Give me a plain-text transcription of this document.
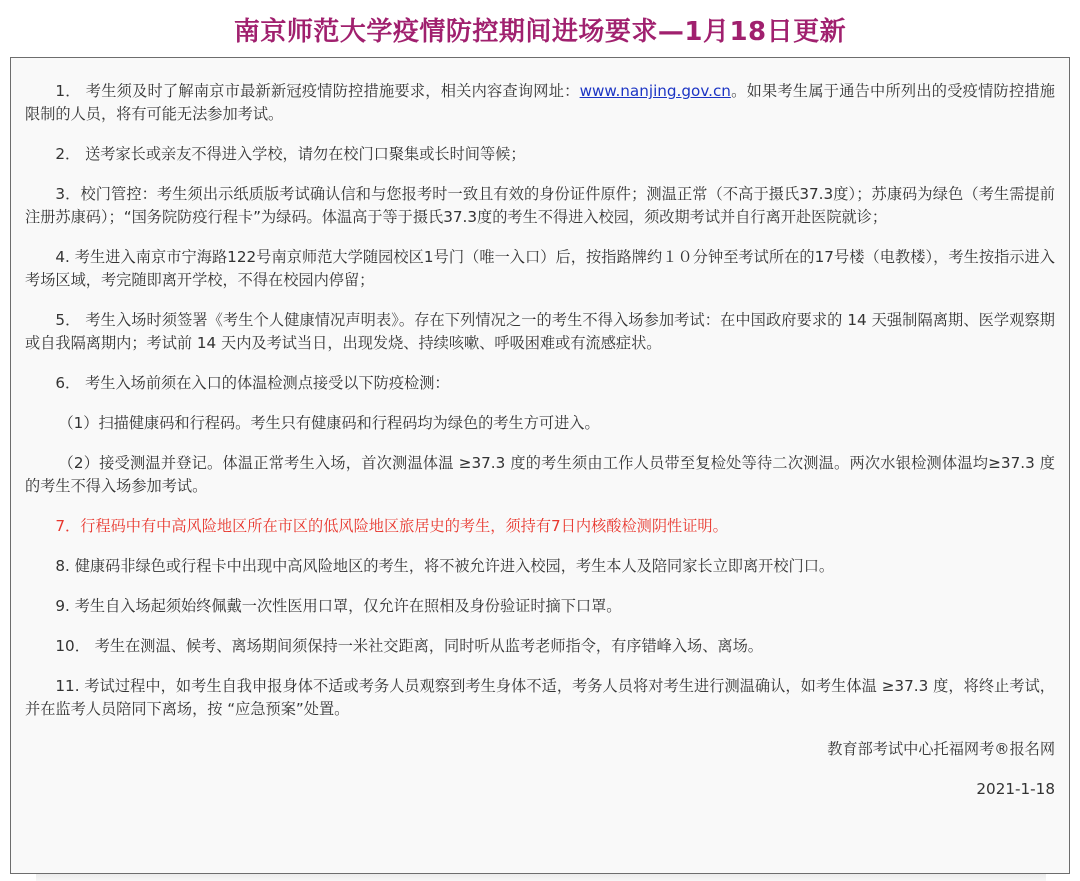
南京师范大学疫情防控期间进场要求—1月18日更新

1． 考生须及时了解南京市最新新冠疫情防控措施要求，相关内容查询网址：www.nanjing.gov.cn。如果考生属于通告中所列出的受疫情防控措施限制的人员，将有可能无法参加考试。

2． 送考家长或亲友不得进入学校，请勿在校门口聚集或长时间等候；

3．校门管控：考生须出示纸质版考试确认信和与您报考时一致且有效的身份证件原件；测温正常（不高于摄氏37.3度）；苏康码为绿色（考生需提前注册苏康码）；“国务院防疫行程卡”为绿码。体温高于等于摄氏37.3度的考生不得进入校园，须改期考试并自行离开赴医院就诊；

4. 考生进入南京市宁海路122号南京师范大学随园校区1号门（唯一入口）后，按指路牌约１０分钟至考试所在的17号楼（电教楼），考生按指示进入考场区域，考完随即离开学校，不得在校园内停留；

5． 考生入场时须签署《考生个人健康情况声明表》。存在下列情况之一的考生不得入场参加考试：在中国政府要求的 14 天强制隔离期、医学观察期或自我隔离期内；考试前 14 天内及考试当日，出现发烧、持续咳嗽、呼吸困难或有流感症状。

6． 考生入场前须在入口的体温检测点接受以下防疫检测：

（1）扫描健康码和行程码。考生只有健康码和行程码均为绿色的考生方可进入。

（2）接受测温并登记。体温正常考生入场，首次测温体温 ≥37.3 度的考生须由工作人员带至复检处等待二次测温。两次水银检测体温均≥37.3 度的考生不得入场参加考试。

7．行程码中有中高风险地区所在市区的低风险地区旅居史的考生，须持有7日内核酸检测阴性证明。

8. 健康码非绿色或行程卡中出现中高风险地区的考生，将不被允许进入校园，考生本人及陪同家长立即离开校门口。

9. 考生自入场起须始终佩戴一次性医用口罩，仅允许在照相及身份验证时摘下口罩。

10． 考生在测温、候考、离场期间须保持一米社交距离，同时听从监考老师指令，有序错峰入场、离场。

11. 考试过程中，如考生自我申报身体不适或考务人员观察到考生身体不适，考务人员将对考生进行测温确认，如考生体温 ≥37.3 度，将终止考试，并在监考人员陪同下离场，按 “应急预案”处置。

教育部考试中心托福网考®报名网

2021-1-18
